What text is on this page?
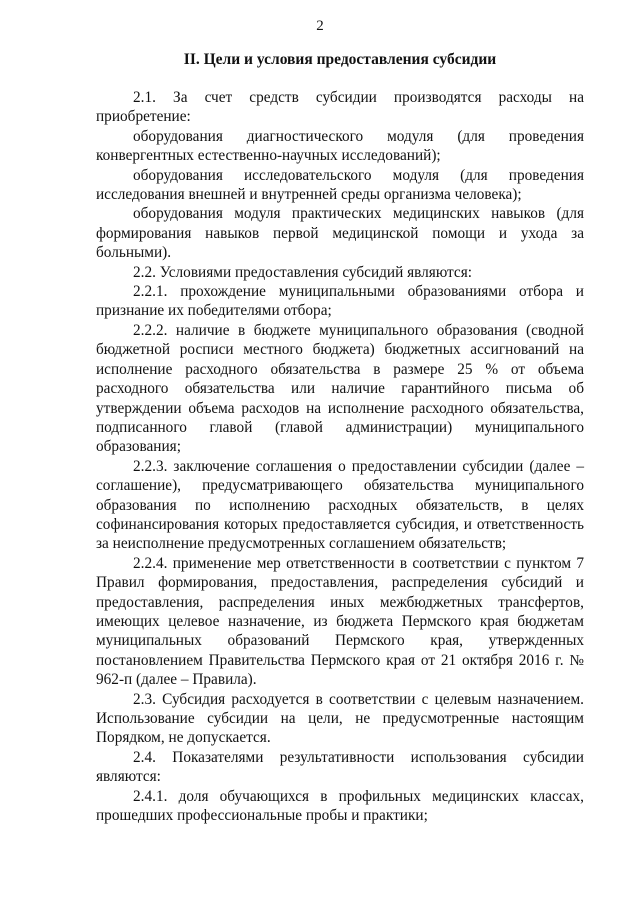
2
II. Цели и условия предоставления субсидии

2.1. За счет средств субсидии производятся расходы на приобретение:

оборудования диагностического модуля (для проведения конвергентных естественно-научных исследований);

оборудования исследовательского модуля (для проведения исследования внешней и внутренней среды организма человека);

оборудования модуля практических медицинских навыков (для формирования навыков первой медицинской помощи и ухода за больными).

2.2. Условиями предоставления субсидий являются:

2.2.1. прохождение муниципальными образованиями отбора и признание их победителями отбора;

2.2.2. наличие в бюджете муниципального образования (сводной бюджетной росписи местного бюджета) бюджетных ассигнований на исполнение расходного обязательства в размере 25 % от объема расходного обязательства или наличие гарантийного письма об утверждении объема расходов на исполнение расходного обязательства, подписанного главой (главой администрации) муниципального образования;

2.2.3. заключение соглашения о предоставлении субсидии (далее – соглашение), предусматривающего обязательства муниципального образования по исполнению расходных обязательств, в целях софинансирования которых предоставляется субсидия, и ответственность за неисполнение предусмотренных соглашением обязательств;

2.2.4. применение мер ответственности в соответствии с пунктом 7 Правил формирования, предоставления, распределения субсидий и предоставления, распределения иных межбюджетных трансфертов, имеющих целевое назначение, из бюджета Пермского края бюджетам муниципальных образований Пермского края, утвержденных постановлением Правительства Пермского края от 21 октября 2016 г. № 962-п (далее – Правила).

2.3. Субсидия расходуется в соответствии с целевым назначением. Использование субсидии на цели, не предусмотренные настоящим Порядком, не допускается.

2.4. Показателями результативности использования субсидии являются:

2.4.1. доля обучающихся в профильных медицинских классах, прошедших профессиональные пробы и практики;
